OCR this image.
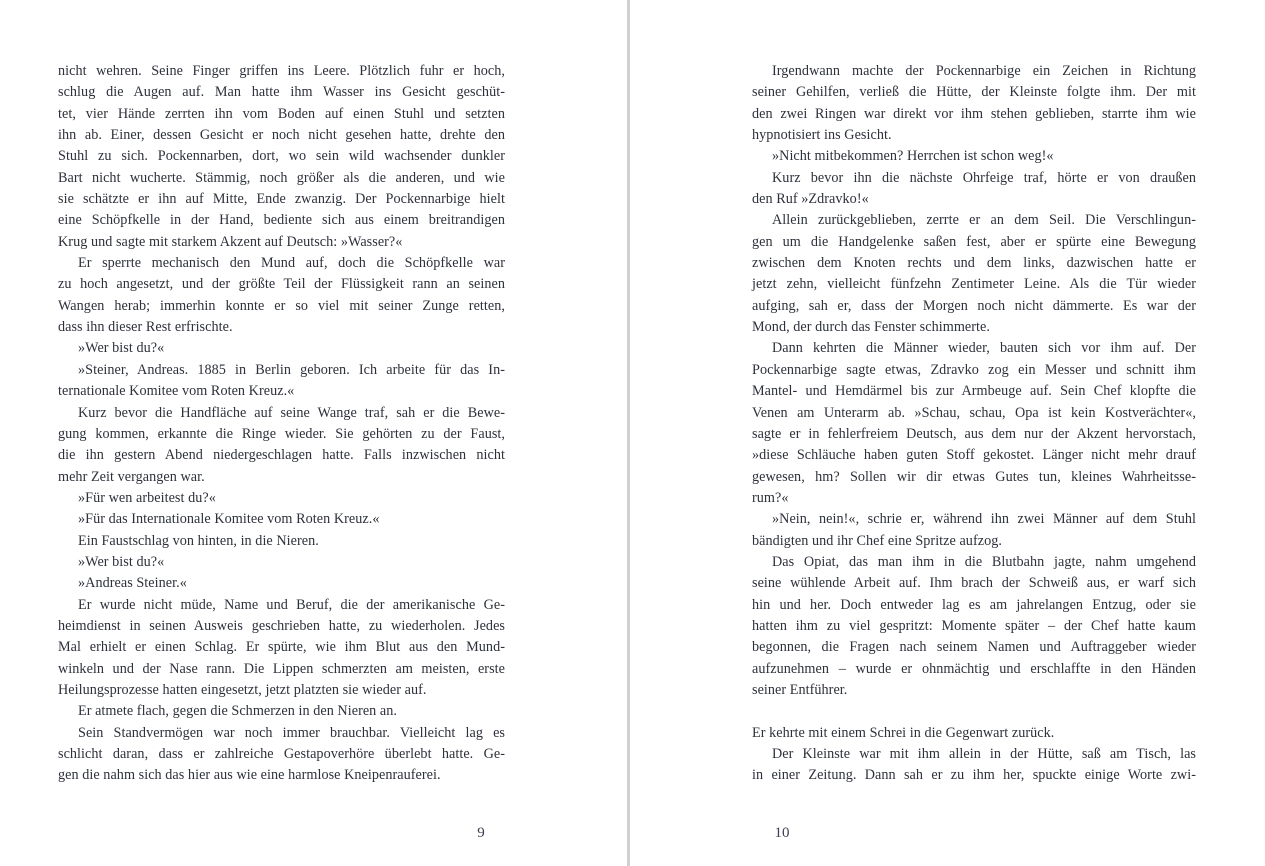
nicht wehren. Seine Finger griffen ins Leere. Plötzlich fuhr er hoch,
schlug die Augen auf. Man hatte ihm Wasser ins Gesicht geschüt-
tet, vier Hände zerrten ihn vom Boden auf einen Stuhl und setzten
ihn ab. Einer, dessen Gesicht er noch nicht gesehen hatte, drehte den
Stuhl zu sich. Pockennarben, dort, wo sein wild wachsender dunkler
Bart nicht wucherte. Stämmig, noch größer als die anderen, und wie
sie schätzte er ihn auf Mitte, Ende zwanzig. Der Pockennarbige hielt
eine Schöpfkelle in der Hand, bediente sich aus einem breitrandigen
Krug und sagte mit starkem Akzent auf Deutsch: »Wasser?«
Er sperrte mechanisch den Mund auf, doch die Schöpfkelle war
zu hoch angesetzt, und der größte Teil der Flüssigkeit rann an seinen
Wangen herab; immerhin konnte er so viel mit seiner Zunge retten,
dass ihn dieser Rest erfrischte.
»Wer bist du?«
»Steiner, Andreas. 1885 in Berlin geboren. Ich arbeite für das In-
ternationale Komitee vom Roten Kreuz.«
Kurz bevor die Handfläche auf seine Wange traf, sah er die Bewe-
gung kommen, erkannte die Ringe wieder. Sie gehörten zu der Faust,
die ihn gestern Abend niedergeschlagen hatte. Falls inzwischen nicht
mehr Zeit vergangen war.
»Für wen arbeitest du?«
»Für das Internationale Komitee vom Roten Kreuz.«
Ein Faustschlag von hinten, in die Nieren.
»Wer bist du?«
»Andreas Steiner.«
Er wurde nicht müde, Name und Beruf, die der amerikanische Ge-
heimdienst in seinen Ausweis geschrieben hatte, zu wiederholen. Jedes
Mal erhielt er einen Schlag. Er spürte, wie ihm Blut aus den Mund-
winkeln und der Nase rann. Die Lippen schmerzten am meisten, erste
Heilungsprozesse hatten eingesetzt, jetzt platzten sie wieder auf.
Er atmete flach, gegen die Schmerzen in den Nieren an.
Sein Standvermögen war noch immer brauchbar. Vielleicht lag es
schlicht daran, dass er zahlreiche Gestapoverhöre überlebt hatte. Ge-
gen die nahm sich das hier aus wie eine harmlose Kneipenrauferei.
9
Irgendwann machte der Pockennarbige ein Zeichen in Richtung
seiner Gehilfen, verließ die Hütte, der Kleinste folgte ihm. Der mit
den zwei Ringen war direkt vor ihm stehen geblieben, starrte ihm wie
hypnotisiert ins Gesicht.
»Nicht mitbekommen? Herrchen ist schon weg!«
Kurz bevor ihn die nächste Ohrfeige traf, hörte er von draußen
den Ruf »Zdravko!«
Allein zurückgeblieben, zerrte er an dem Seil. Die Verschlingun-
gen um die Handgelenke saßen fest, aber er spürte eine Bewegung
zwischen dem Knoten rechts und dem links, dazwischen hatte er
jetzt zehn, vielleicht fünfzehn Zentimeter Leine. Als die Tür wieder
aufging, sah er, dass der Morgen noch nicht dämmerte. Es war der
Mond, der durch das Fenster schimmerte.
Dann kehrten die Männer wieder, bauten sich vor ihm auf. Der
Pockennarbige sagte etwas, Zdravko zog ein Messer und schnitt ihm
Mantel- und Hemdärmel bis zur Armbeuge auf. Sein Chef klopfte die
Venen am Unterarm ab. »Schau, schau, Opa ist kein Kostverächter«,
sagte er in fehlerfreiem Deutsch, aus dem nur der Akzent hervorstach,
»diese Schläuche haben guten Stoff gekostet. Länger nicht mehr drauf
gewesen, hm? Sollen wir dir etwas Gutes tun, kleines Wahrheitsse-
rum?«
»Nein, nein!«, schrie er, während ihn zwei Männer auf dem Stuhl
bändigten und ihr Chef eine Spritze aufzog.
Das Opiat, das man ihm in die Blutbahn jagte, nahm umgehend
seine wühlende Arbeit auf. Ihm brach der Schweiß aus, er warf sich
hin und her. Doch entweder lag es am jahrelangen Entzug, oder sie
hatten ihm zu viel gespritzt: Momente später – der Chef hatte kaum
begonnen, die Fragen nach seinem Namen und Auftraggeber wieder
aufzunehmen – wurde er ohnmächtig und erschlaffte in den Händen
seiner Entführer.
Er kehrte mit einem Schrei in die Gegenwart zurück.
Der Kleinste war mit ihm allein in der Hütte, saß am Tisch, las
in einer Zeitung. Dann sah er zu ihm her, spuckte einige Worte zwi-
10
